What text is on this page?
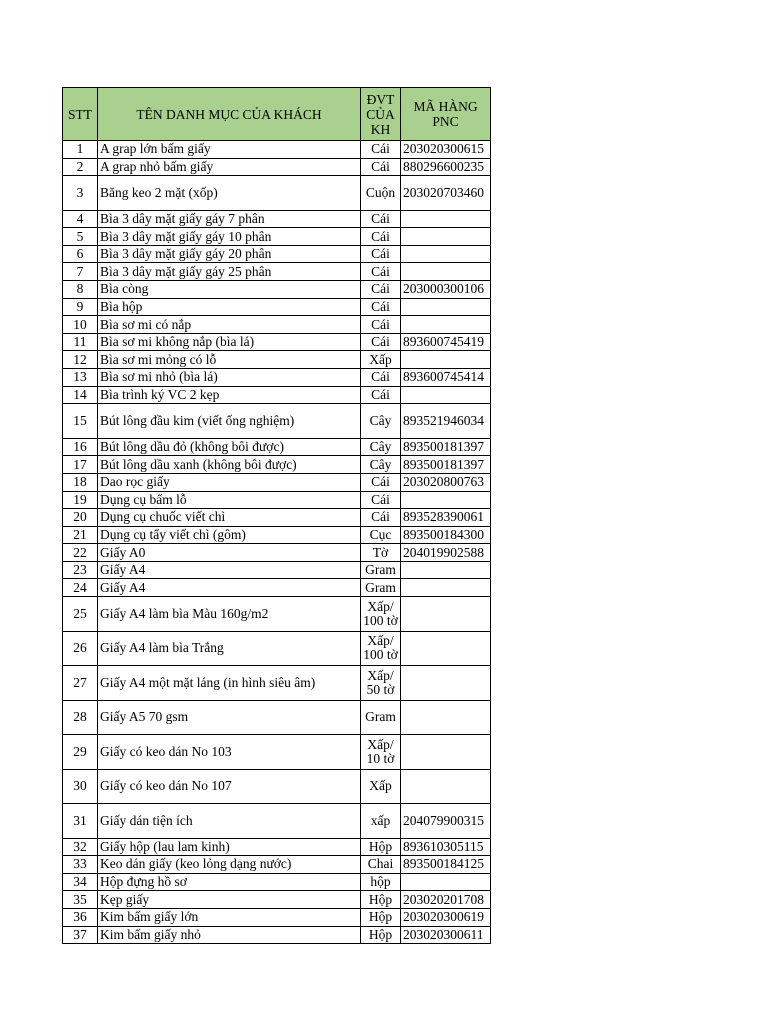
STT	TÊN DANH MỤC CỦA KHÁCH	ĐVT CỦA KH	MÃ HÀNG PNC
1	A grap lớn bấm giấy	Cái	203020300615
2	A grap nhỏ bấm giấy	Cái	880296600235
3	Băng keo 2 mặt (xốp)	Cuộn	203020703460
4	Bìa 3 dây mặt giấy gáy 7 phân	Cái	
5	Bìa 3 dây mặt giấy gáy 10 phân	Cái	
6	Bìa 3 dây mặt giấy gáy 20 phân	Cái	
7	Bìa 3 dây mặt giấy gáy 25 phân	Cái	
8	Bìa còng	Cái	203000300106
9	Bìa hộp	Cái	
10	Bìa sơ mi có nắp	Cái	
11	Bìa sơ mi không nắp (bìa lá)	Cái	893600745419
12	Bìa sơ mi mỏng có lỗ	Xấp	
13	Bìa sơ mi nhỏ (bìa lá)	Cái	893600745414
14	Bìa trình ký VC 2 kẹp	Cái	
15	Bút lông đầu kim (viết ống nghiệm)	Cây	893521946034
16	Bút lông dầu đỏ (không bôi được)	Cây	893500181397
17	Bút lông dầu xanh (không bôi được)	Cây	893500181397
18	Dao rọc giấy	Cái	203020800763
19	Dụng cụ bấm lỗ	Cái	
20	Dụng cụ chuốc viết chì	Cái	893528390061
21	Dụng cụ tẩy viết chì (gôm)	Cục	893500184300
22	Giấy A0	Tờ	204019902588
23	Giấy A4	Gram	
24	Giấy A4	Gram	
25	Giấy A4 làm bìa Màu 160g/m2	Xấp/ 100 tờ	
26	Giấy A4 làm bìa Trắng	Xấp/ 100 tờ	
27	Giấy A4 một mặt láng (in hình siêu âm)	Xấp/ 50 tờ	
28	Giấy A5 70 gsm	Gram	
29	Giấy có keo dán No 103	Xấp/ 10 tờ	
30	Giấy có keo dán No 107	Xấp	
31	Giấy dán tiện ích	xấp	204079900315
32	Giấy hộp (lau lam kinh)	Hộp	893610305115
33	Keo dán giấy (keo lỏng dạng nước)	Chai	893500184125
34	Hộp đựng hồ sơ	hộp	
35	Kẹp giấy	Hộp	203020201708
36	Kim bấm giấy lớn	Hộp	203020300619
37	Kim bấm giấy nhỏ	Hộp	203020300611
